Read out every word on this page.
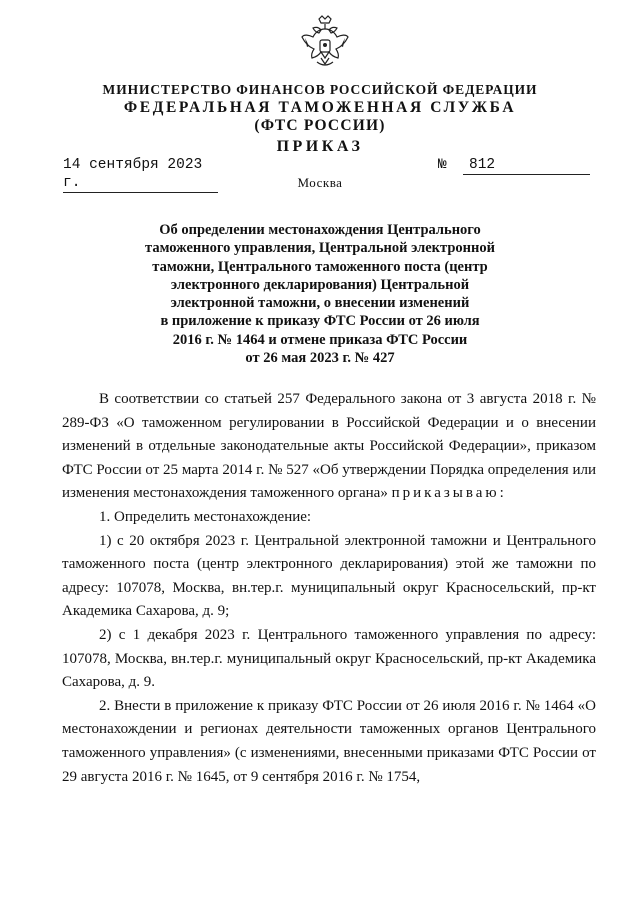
МИНИСТЕРСТВО ФИНАНСОВ РОССИЙСКОЙ ФЕДЕРАЦИИ
ФЕДЕРАЛЬНАЯ ТАМОЖЕННАЯ СЛУЖБА
(ФТС РОССИИ)
ПРИКАЗ
14 сентября 2023 г.
№	812
Москва
Об определении местонахождения Центрального
таможенного управления, Центральной электронной
таможни, Центрального таможенного поста (центр
электронного декларирования) Центральной
электронной таможни, о внесении изменений
в приложение к приказу ФТС России от 26 июля
2016 г. № 1464 и отмене приказа ФТС России
от 26 мая 2023 г. № 427

В соответствии со статьей 257 Федерального закона от 3 августа 2018 г. № 289-ФЗ «О таможенном регулировании в Российской Федерации и о внесении изменений в отдельные законодательные акты Российской Федерации», приказом ФТС России от 25 марта 2014 г. № 527 «Об утверждении Порядка определения или изменения местонахождения таможенного органа» приказываю:

1. Определить местонахождение:

1) с 20 октября 2023 г. Центральной электронной таможни и Центрального таможенного поста (центр электронного декларирования) этой же таможни по адресу: 107078, Москва, вн.тер.г. муниципальный округ Красносельский, пр-кт Академика Сахарова, д. 9;

2) с 1 декабря 2023 г. Центрального таможенного управления по адресу: 107078, Москва, вн.тер.г. муниципальный округ Красносельский, пр-кт Академика Сахарова, д. 9.

2. Внести в приложение к приказу ФТС России от 26 июля 2016 г. № 1464 «О местонахождении и регионах деятельности таможенных органов Центрального таможенного управления» (с изменениями, внесенными приказами ФТС России от 29 августа 2016 г. № 1645, от 9 сентября 2016 г. № 1754,
